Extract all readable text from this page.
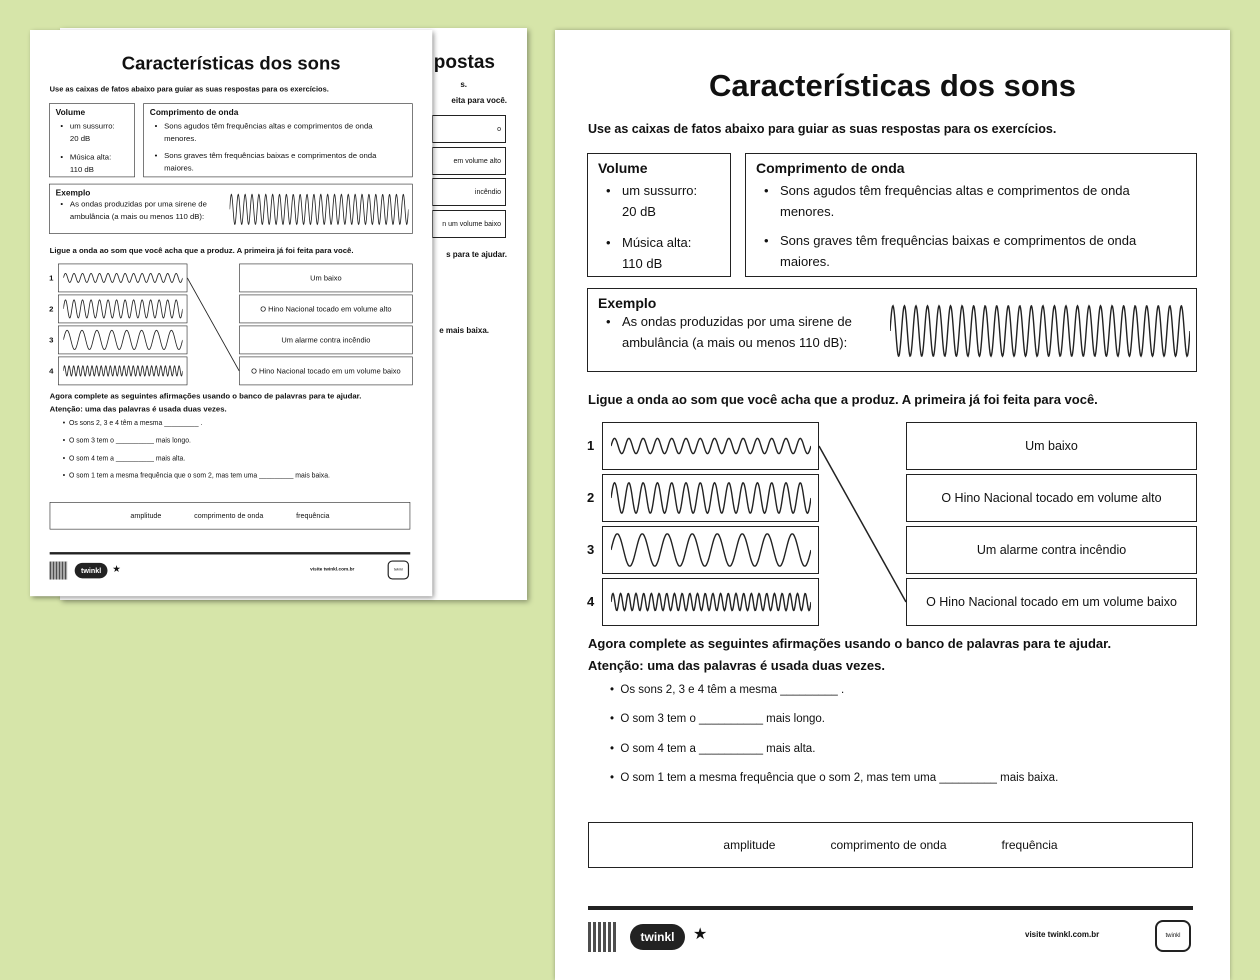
postas
s.
eita para você.
o
em volume alto
incêndio
n um volume baixo
s para te ajudar.
e mais baixa.
Características dos sons
Use as caixas de fatos abaixo para guiar as suas respostas para os exercícios.
Volume
• um sussurro:
20 dB
• Música alta:
110 dB
Comprimento de onda
• Sons agudos têm frequências altas e comprimentos de onda menores.
• Sons graves têm frequências baixas e comprimentos de onda maiores.
Exemplo
• As ondas produzidas por uma sirene de ambulância (a mais ou menos 110 dB):
Ligue a onda ao som que você acha que a produz. A primeira já foi feita para você.
1	Um baixo
2	O Hino Nacional tocado em volume alto
3	Um alarme contra incêndio
4	O Hino Nacional tocado em um volume baixo
Agora complete as seguintes afirmações usando o banco de palavras para te ajudar.
Atenção: uma das palavras é usada duas vezes.
•  Os sons 2, 3 e 4 têm a mesma _________ .
•  O som 3 tem o __________ mais longo.
•  O som 4 tem a __________ mais alta.
•  O som 1 tem a mesma frequência que o som 2, mas tem uma _________ mais baixa.
amplitude	comprimento de onda	frequência
twinkl ★	visite twinkl.com.br	twinkl
Características dos sons
Use as caixas de fatos abaixo para guiar as suas respostas para os exercícios.
Volume
• um sussurro:
20 dB
• Música alta:
110 dB
Comprimento de onda
• Sons agudos têm frequências altas e comprimentos de onda menores.
• Sons graves têm frequências baixas e comprimentos de onda maiores.
Exemplo
• As ondas produzidas por uma sirene de ambulância (a mais ou menos 110 dB):
Ligue a onda ao som que você acha que a produz. A primeira já foi feita para você.
1	Um baixo
2	O Hino Nacional tocado em volume alto
3	Um alarme contra incêndio
4	O Hino Nacional tocado em um volume baixo
Agora complete as seguintes afirmações usando o banco de palavras para te ajudar.
Atenção: uma das palavras é usada duas vezes.
•  Os sons 2, 3 e 4 têm a mesma _________ .
•  O som 3 tem o __________ mais longo.
•  O som 4 tem a __________ mais alta.
•  O som 1 tem a mesma frequência que o som 2, mas tem uma _________ mais baixa.
amplitude	comprimento de onda	frequência
twinkl	★	visite twinkl.com.br	twinkl
